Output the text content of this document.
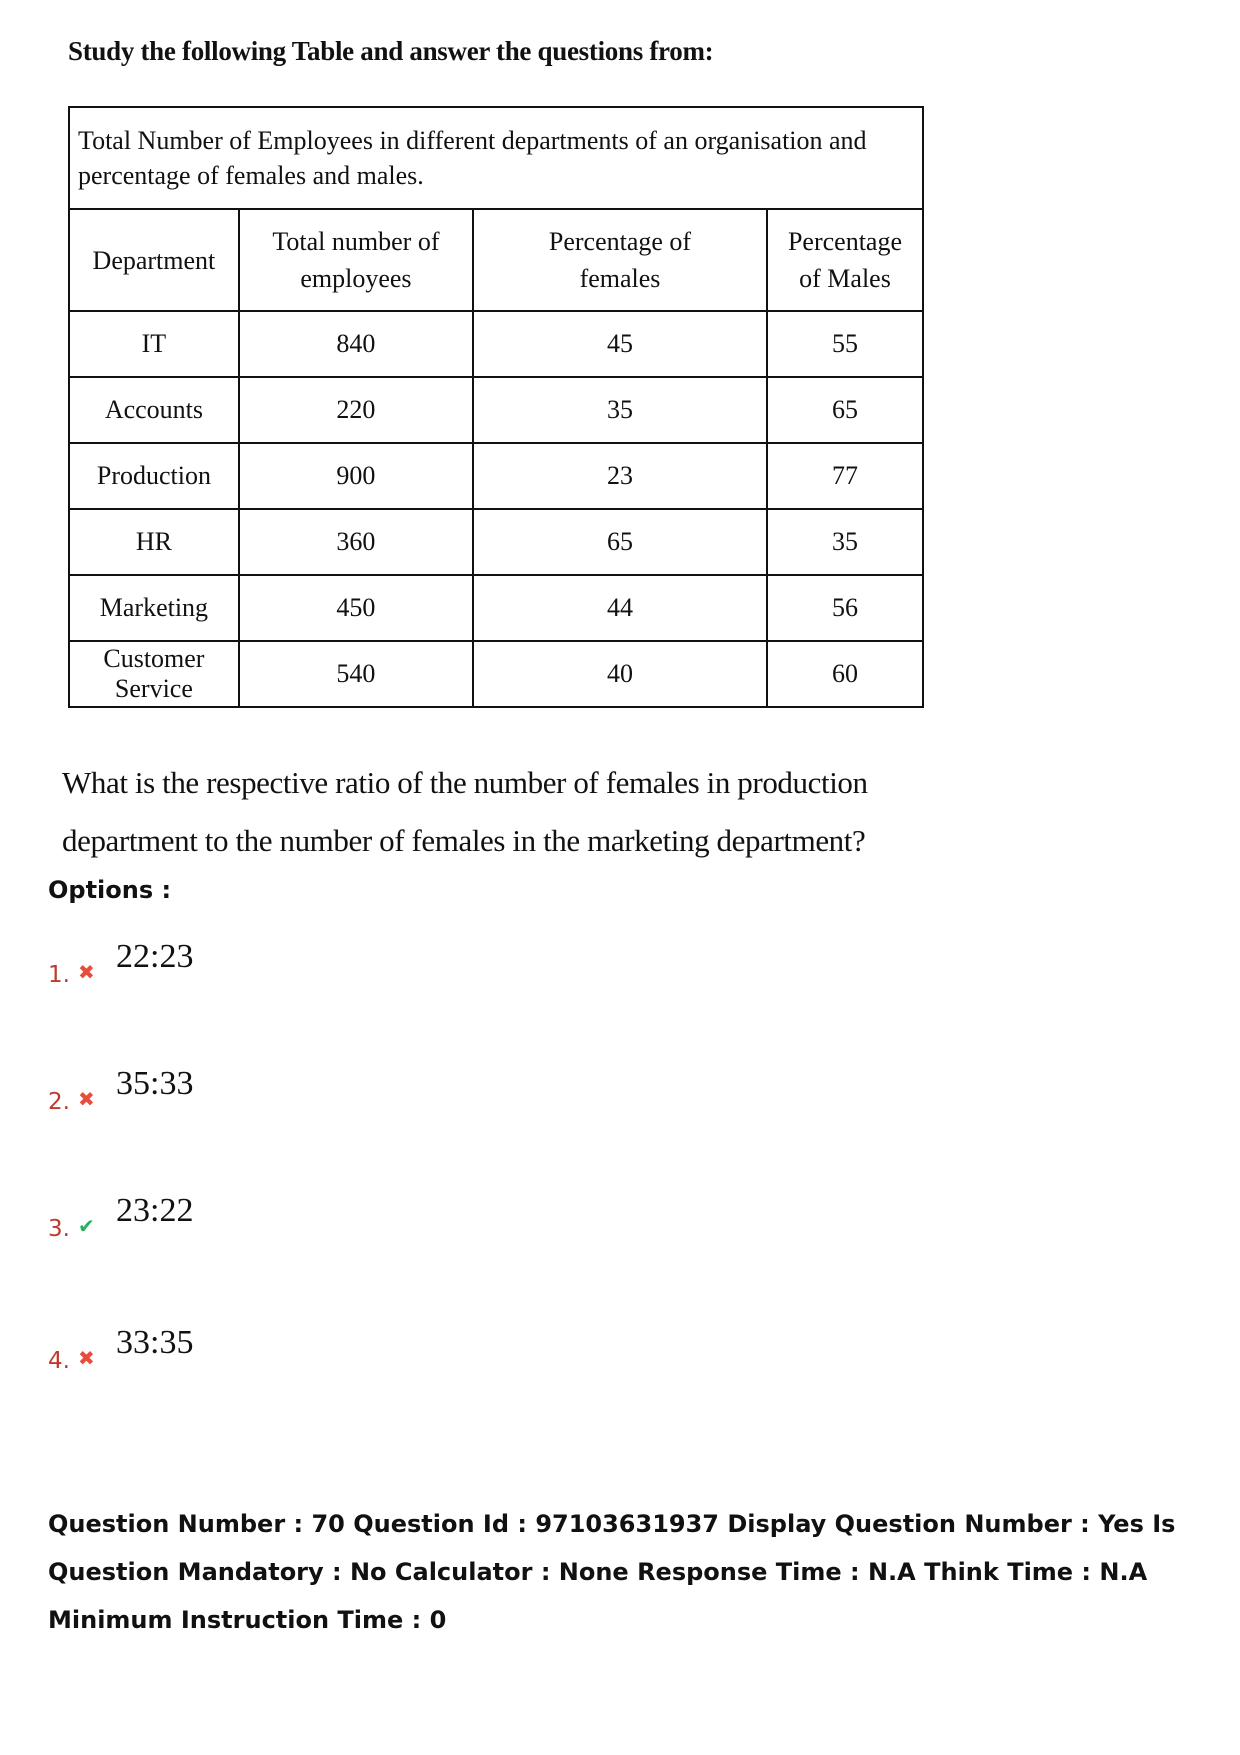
Study the following Table and answer the questions from:
Total Number of Employees in different departments of an organisation and percentage of females and males.			
Department	Total number of employees	Percentage of females	Percentage of Males
IT	840	45	55
Accounts	220	35	65
Production	900	23	77
HR	360	65	35
Marketing	450	44	56
Customer Service	540	40	60
What is the respective ratio of the number of females in production department to the number of females in the marketing department?
Options :
1. ✖ 22:23
2. ✖ 35:33
3. ✔ 23:22
4. ✖ 33:35
Question Number : 70 Question Id : 97103631937 Display Question Number : Yes Is Question Mandatory : No Calculator : None Response Time : N.A Think Time : N.A Minimum Instruction Time : 0
